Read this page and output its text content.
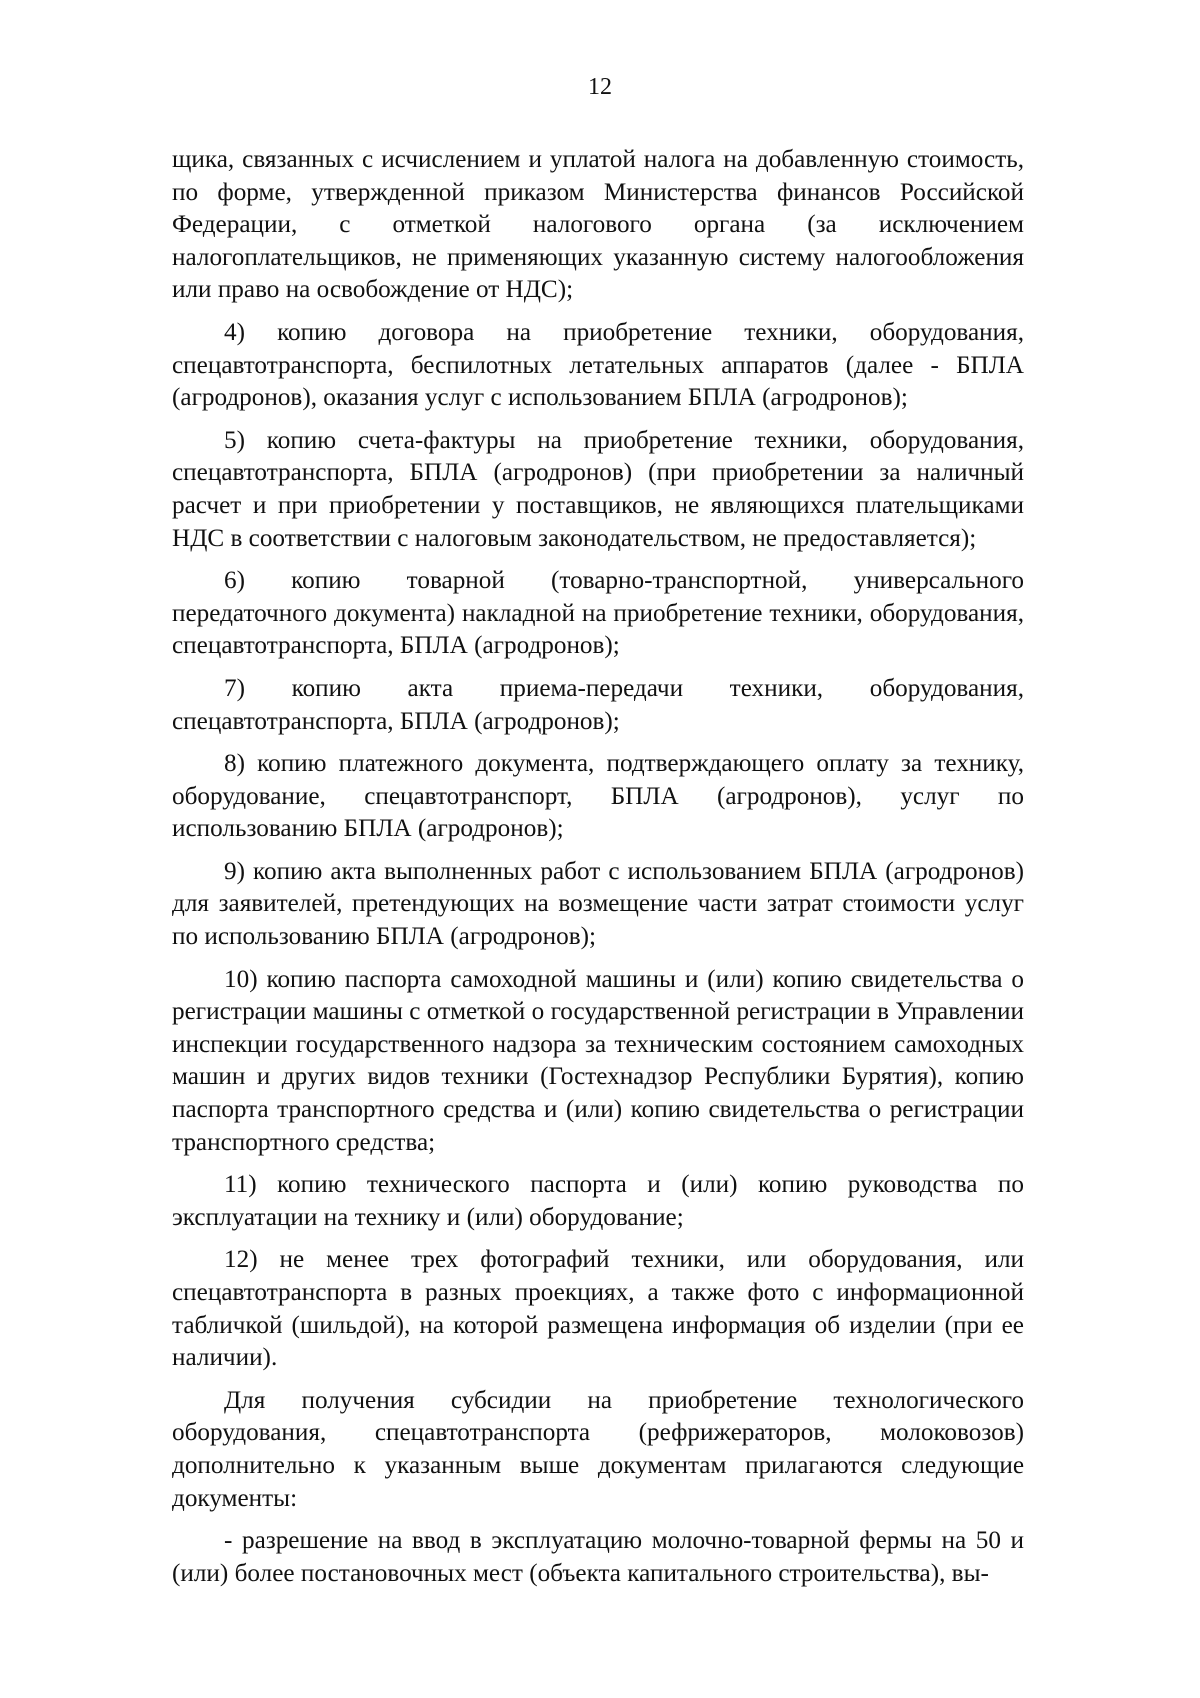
12

щика, связанных с исчислением и уплатой налога на добавленную стоимость, по форме, утвержденной приказом Министерства финансов Российской Федерации, с отметкой налогового органа (за исключением налогоплательщиков, не применяющих указанную систему налогообложения или право на освобождение от НДС);

4) копию договора на приобретение техники, оборудования, спецавтотранспорта, беспилотных летательных аппаратов (далее - БПЛА (агродронов), оказания услуг с использованием БПЛА (агродронов);

5) копию счета-фактуры на приобретение техники, оборудования, спецавтотранспорта, БПЛА (агродронов) (при приобретении за наличный расчет и при приобретении у поставщиков, не являющихся плательщиками НДС в соответствии с налоговым законодательством, не предоставляется);

6) копию товарной (товарно-транспортной, универсального передаточного документа) накладной на приобретение техники, оборудования, спецавтотранспорта, БПЛА (агродронов);

7) копию акта приема-передачи техники, оборудования, спецавтотранспорта, БПЛА (агродронов);

8) копию платежного документа, подтверждающего оплату за технику, оборудование, спецавтотранспорт, БПЛА (агродронов), услуг по использованию БПЛА (агродронов);

9) копию акта выполненных работ с использованием БПЛА (агродронов) для заявителей, претендующих на возмещение части затрат стоимости услуг по использованию БПЛА (агродронов);

10) копию паспорта самоходной машины и (или) копию свидетельства о регистрации машины с отметкой о государственной регистрации в Управлении инспекции государственного надзора за техническим состоянием самоходных машин и других видов техники (Гостехнадзор Республики Бурятия), копию паспорта транспортного средства и (или) копию свидетельства о регистрации транспортного средства;

11) копию технического паспорта и (или) копию руководства по эксплуатации на технику и (или) оборудование;

12) не менее трех фотографий техники, или оборудования, или спецавтотранспорта в разных проекциях, а также фото с информационной табличкой (шильдой), на которой размещена информация об изделии (при ее наличии).

Для получения субсидии на приобретение технологического оборудования, спецавтотранспорта (рефрижераторов, молоковозов) дополнительно к указанным выше документам прилагаются следующие документы:

- разрешение на ввод в эксплуатацию молочно-товарной фермы на 50 и (или) более постановочных мест (объекта капитального строительства), вы-
